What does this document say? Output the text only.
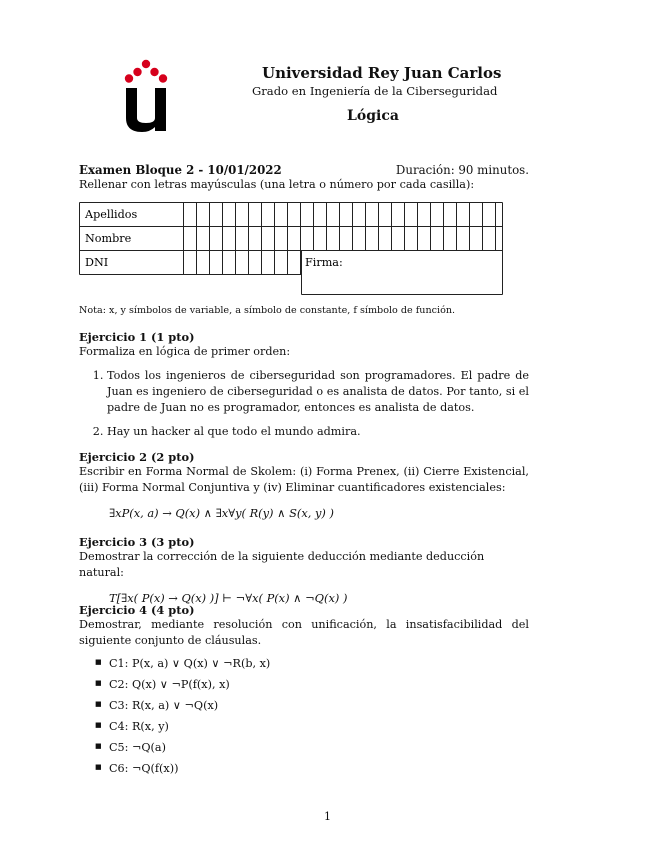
Universidad Rey Juan Carlos
Grado en Ingeniería de la Ciberseguridad
Lógica
Examen Bloque 2 - 10/01/2022	Duración: 90 minutos.
Rellenar con letras mayúsculas (una letra o número por cada casilla):
Apellidos
Nombre
DNI	Firma:
Nota: x, y símbolos de variable, a símbolo de constante, f símbolo de función.
Ejercicio 1 (1 pto)

Formaliza en lógica de primer orden:

1. Todos los ingenieros de ciberseguridad son programadores. El padre de Juan es ingeniero de ciberseguridad o es analista de datos. Por tanto, si el padre de Juan no es programador, entonces es analista de datos.
2. Hay un hacker al que todo el mundo admira.
Ejercicio 2 (2 pto)

Escribir en Forma Normal de Skolem: (i) Forma Prenex, (ii) Cierre Existencial, (iii) Forma Normal Conjuntiva y (iv) Eliminar cuantificadores existenciales:

∃xP(x, a) → Q(x) ∧ ∃x∀y( R(y) ∧ S(x, y) )
Ejercicio 3 (3 pto)

Demostrar la corrección de la siguiente deducción mediante deducción natural:

T[∃x( P(x) → Q(x) )] ⊢ ¬∀x( P(x) ∧ ¬Q(x) )
Ejercicio 4 (4 pto)

Demostrar, mediante resolución con unificación, la insatisfacibilidad del siguiente conjunto de cláusulas.

■ C1: P(x, a) ∨ Q(x) ∨ ¬R(b, x)
■ C2: Q(x) ∨ ¬P(f(x), x)
■ C3: R(x, a) ∨ ¬Q(x)
■ C4: R(x, y)
■ C5: ¬Q(a)
■ C6: ¬Q(f(x))
1
